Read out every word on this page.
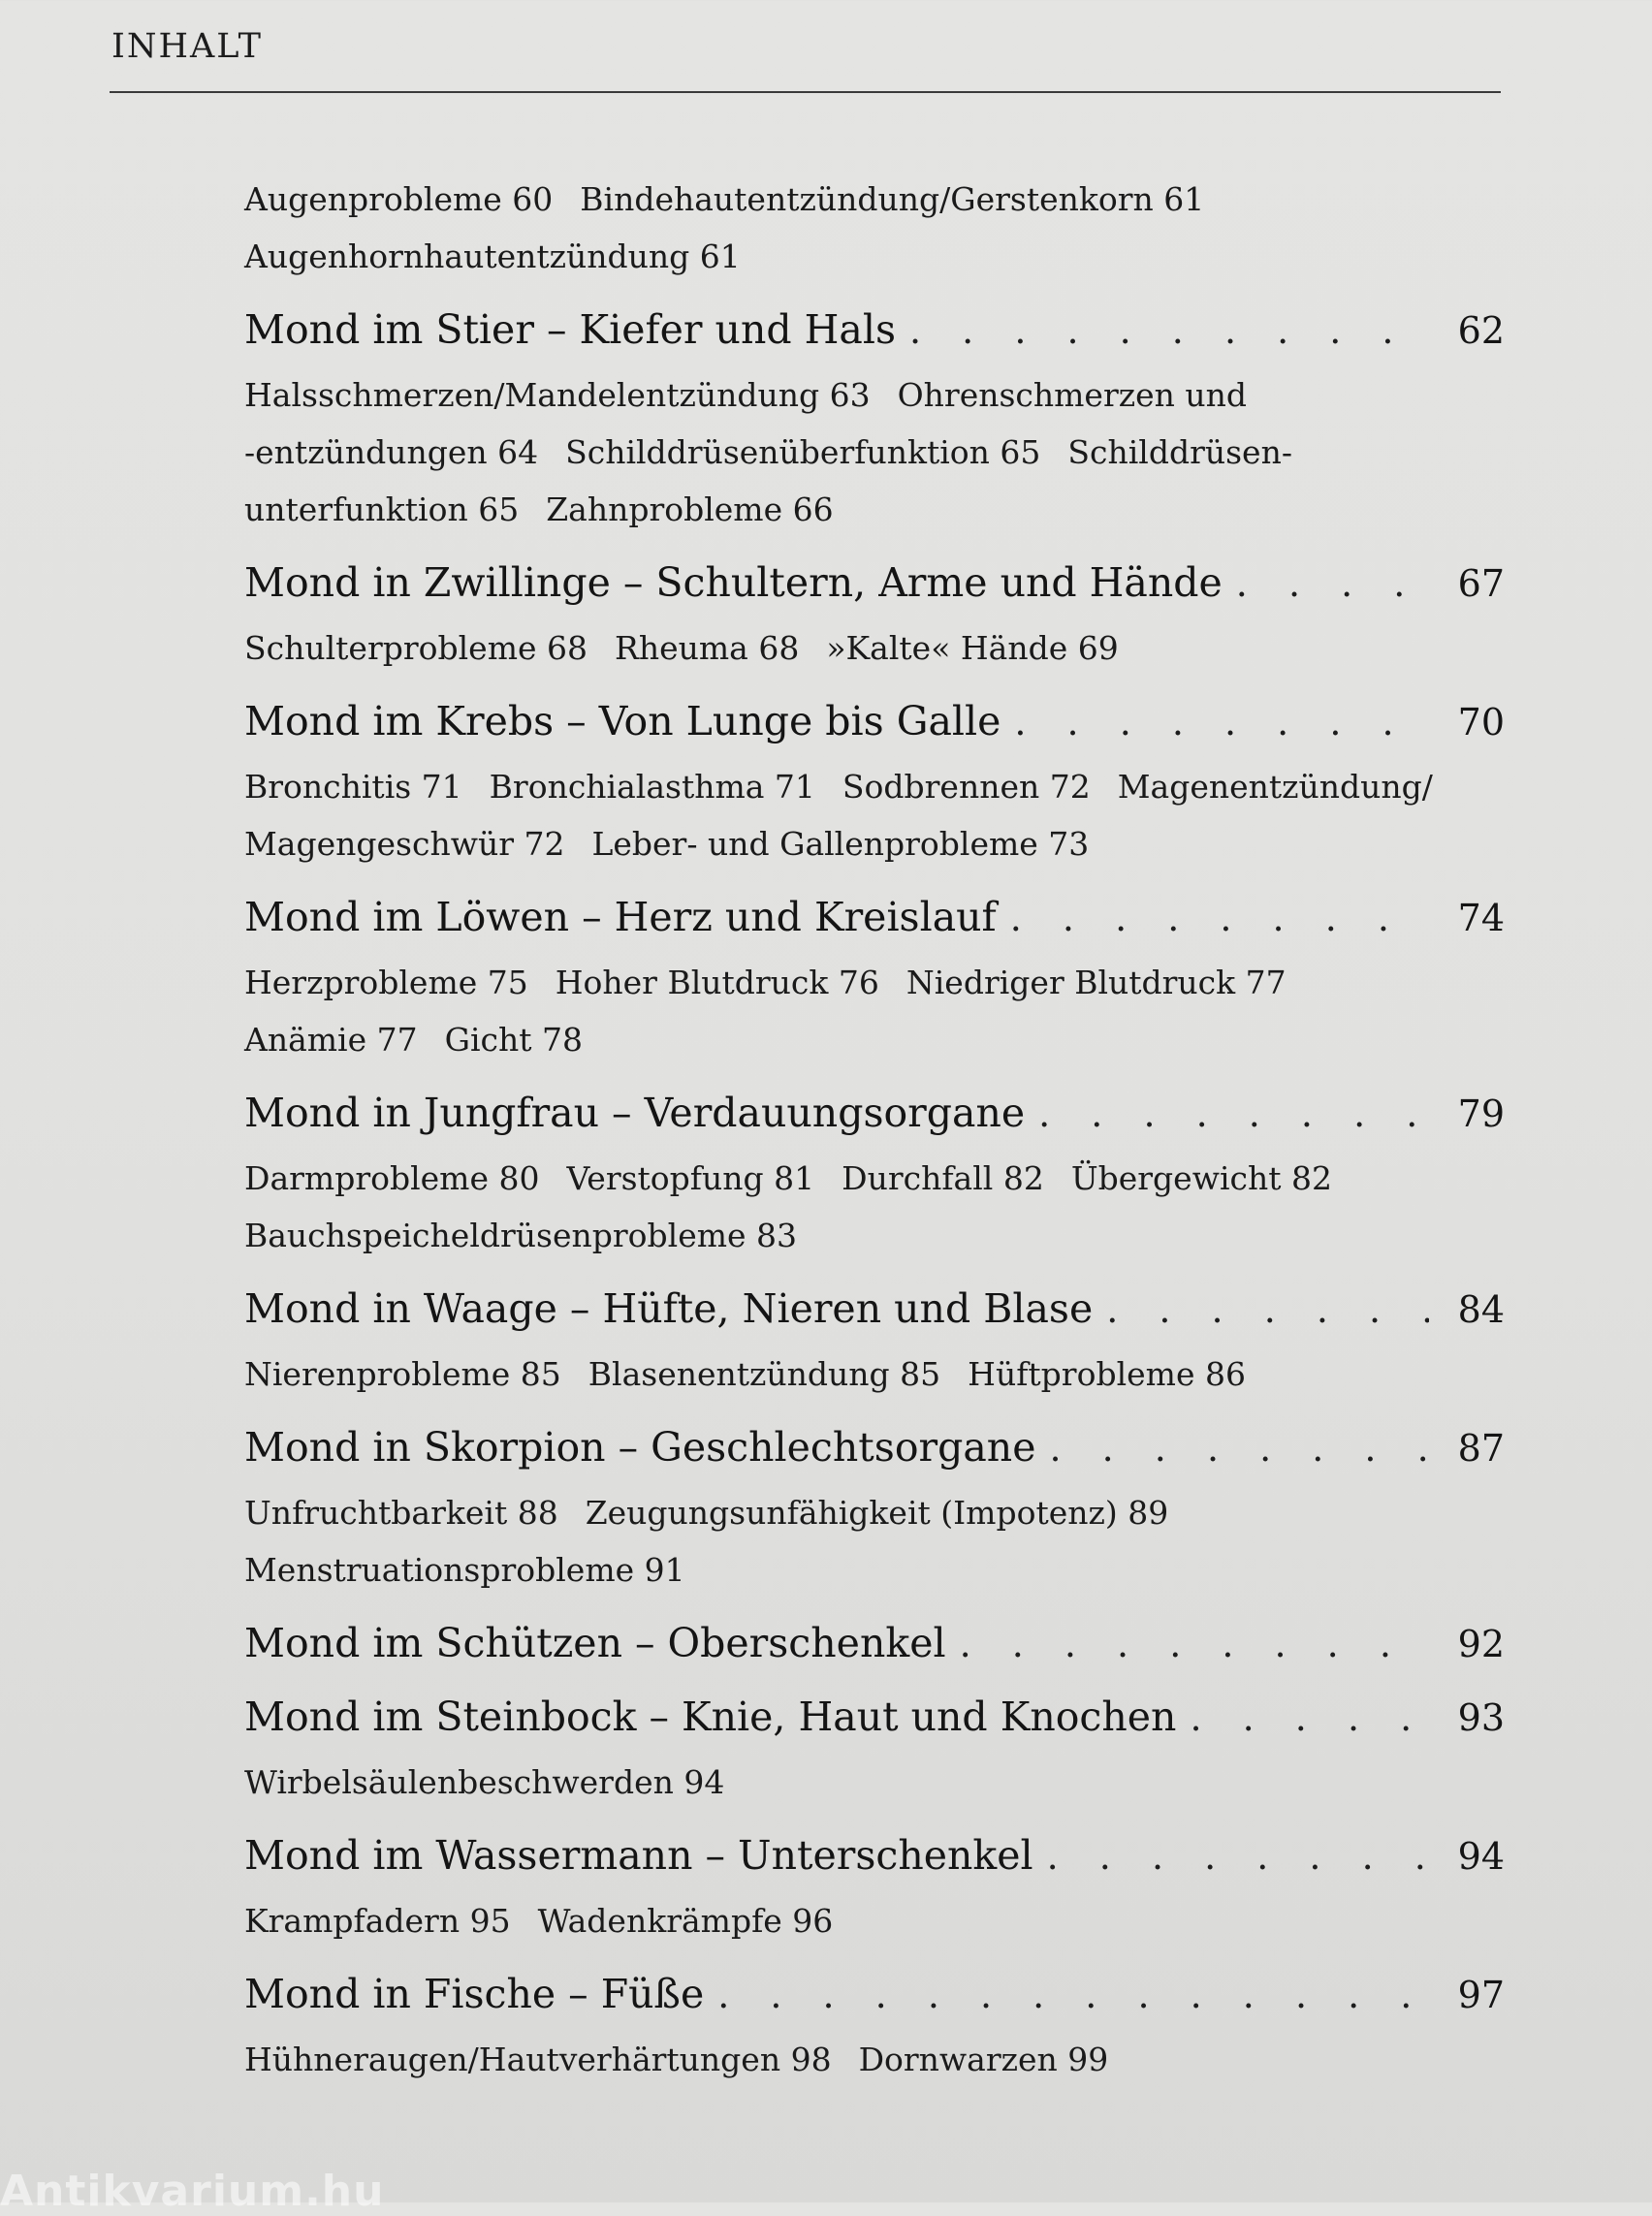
INHALT
Augenprobleme 60 Bindehautentzündung/Gerstenkorn 61
Augenhornhautentzündung 61
Mond im Stier – Kiefer und Hals . . .	62
Halsschmerzen/Mandelentzündung 63 Ohrenschmerzen und
-entzündungen 64 Schilddrüsenüberfunktion 65 Schilddrüsen-
unterfunktion 65 Zahnprobleme 66
Mond in Zwillinge – Schultern, Arme und Hände . . .	67
Schulterprobleme 68 Rheuma 68 »Kalte« Hände 69
Mond im Krebs – Von Lunge bis Galle . . .	70
Bronchitis 71 Bronchialasthma 71 Sodbrennen 72 Magenentzündung/
Magengeschwür 72 Leber- und Gallenprobleme 73
Mond im Löwen – Herz und Kreislauf . . .	74
Herzprobleme 75 Hoher Blutdruck 76 Niedriger Blutdruck 77
Anämie 77 Gicht 78
Mond in Jungfrau – Verdauungsorgane . . .	79
Darmprobleme 80 Verstopfung 81 Durchfall 82 Übergewicht 82
Bauchspeicheldrüsenprobleme 83
Mond in Waage – Hüfte, Nieren und Blase . . .	84
Nierenprobleme 85 Blasenentzündung 85 Hüftprobleme 86
Mond in Skorpion – Geschlechtsorgane . . .	87
Unfruchtbarkeit 88 Zeugungsunfähigkeit (Impotenz) 89
Menstruationsprobleme 91
Mond im Schützen – Oberschenkel . . .	92
Mond im Steinbock – Knie, Haut und Knochen . . .	93
Wirbelsäulenbeschwerden 94
Mond im Wassermann – Unterschenkel . . .	94
Krampfadern 95 Wadenkrämpfe 96
Mond in Fische – Füße . . .	97
Hühneraugen/Hautverhärtungen 98 Dornwarzen 99
Antikvarium.hu
